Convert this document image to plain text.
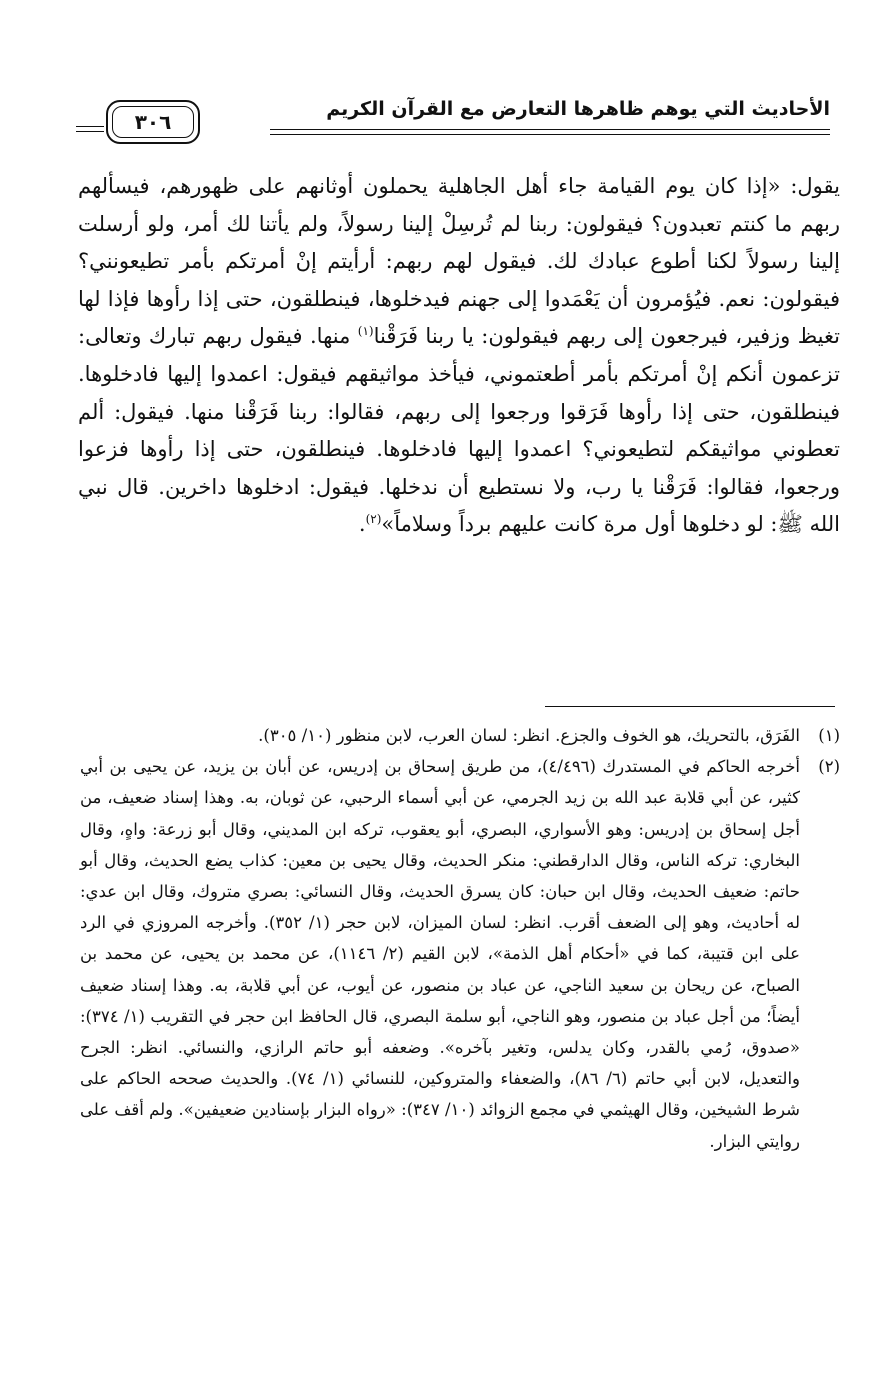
الأحاديث التي يوهم ظاهرها التعارض مع القرآن الكريم
٣٠٦
يقول: «إذا كان يوم القيامة جاء أهل الجاهلية يحملون أوثانهم على ظهورهم، فيسألهم ربهم ما كنتم تعبدون؟ فيقولون: ربنا لم تُرسِلْ إلينا رسولاً، ولم يأتنا لك أمر، ولو أرسلت إلينا رسولاً لكنا أطوع عبادك لك. فيقول لهم ربهم: أرأيتم إنْ أمرتكم بأمر تطيعونني؟ فيقولون: نعم. فيُؤمرون أن يَعْمَدوا إلى جهنم فيدخلوها، فينطلقون، حتى إذا رأوها فإذا لها تغيظ وزفير، فيرجعون إلى ربهم فيقولون: يا ربنا فَرَقْنا$^{(١)}$ منها. فيقول ربهم تبارك وتعالى: تزعمون أنكم إنْ أمرتكم بأمر أطعتموني، فيأخذ مواثيقهم فيقول: اعمدوا إليها فادخلوها. فينطلقون، حتى إذا رأوها فَرَقوا ورجعوا إلى ربهم، فقالوا: ربنا فَرَقْنا منها. فيقول: ألم تعطوني مواثيقكم لتطيعوني؟ اعمدوا إليها فادخلوها. فينطلقون، حتى إذا رأوها فزعوا ورجعوا، فقالوا: فَرَقْنا يا رب، ولا نستطيع أن ندخلها. فيقول: ادخلوها داخرين. قال نبي الله ﷺ: لو دخلوها أول مرة كانت عليهم برداً وسلاماً»$^{(٢)}$.
(١)
الفَرَق، بالتحريك، هو الخوف والجزع. انظر: لسان العرب، لابن منظور (١٠/ ٣٠٥).
(٢)
أخرجه الحاكم في المستدرك (٤/٤٩٦)، من طريق إسحاق بن إدريس، عن أبان بن يزيد، عن يحيى بن أبي كثير، عن أبي قلابة عبد الله بن زيد الجرمي، عن أبي أسماء الرحبي، عن ثوبان، به. وهذا إسناد ضعيف، من أجل إسحاق بن إدريس: وهو الأسواري، البصري، أبو يعقوب، تركه ابن المديني، وقال أبو زرعة: واهٍ، وقال البخاري: تركه الناس، وقال الدارقطني: منكر الحديث، وقال يحيى بن معين: كذاب يضع الحديث، وقال أبو حاتم: ضعيف الحديث، وقال ابن حبان: كان يسرق الحديث، وقال النسائي: بصري متروك، وقال ابن عدي: له أحاديث، وهو إلى الضعف أقرب. انظر: لسان الميزان، لابن حجر (١/ ٣٥٢). وأخرجه المروزي في الرد على ابن قتيبة، كما في «أحكام أهل الذمة»، لابن القيم (٢/ ١١٤٦)، عن محمد بن يحيى، عن محمد بن الصباح، عن ريحان بن سعيد الناجي، عن عباد بن منصور، عن أيوب، عن أبي قلابة، به. وهذا إسناد ضعيف أيضاً؛ من أجل عباد بن منصور، وهو الناجي، أبو سلمة البصري، قال الحافظ ابن حجر في التقريب (١/ ٣٧٤): «صدوق، رُمي بالقدر، وكان يدلس، وتغير بآخره». وضعفه أبو حاتم الرازي، والنسائي. انظر: الجرح والتعديل، لابن أبي حاتم (٦/ ٨٦)، والضعفاء والمتروكين، للنسائي (١/ ٧٤). والحديث صححه الحاكم على شرط الشيخين، وقال الهيثمي في مجمع الزوائد (١٠/ ٣٤٧): «رواه البزار بإسنادين ضعيفين». ولم أقف على روايتي البزار.
